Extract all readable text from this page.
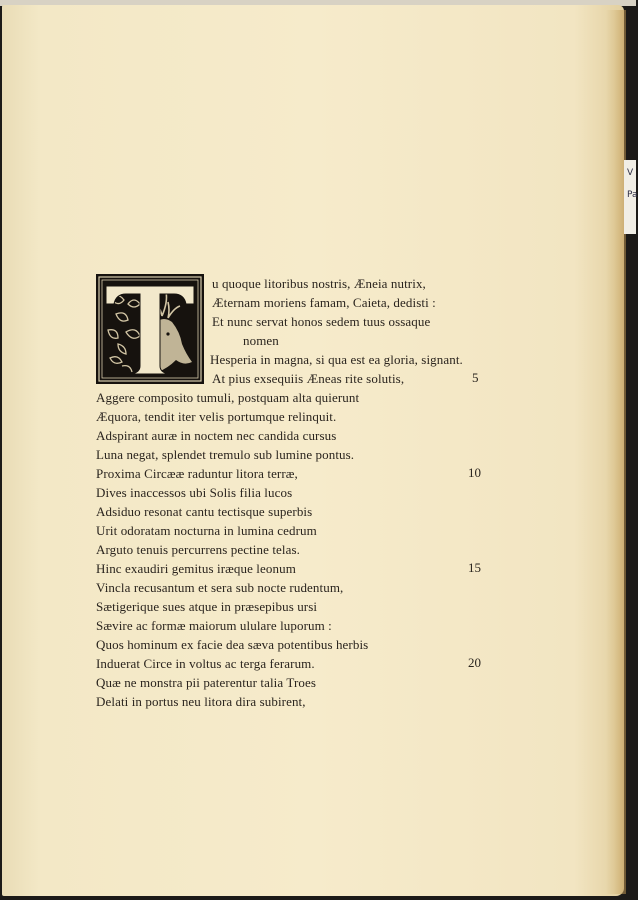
V
Pa
u quoque litoribus nostris, Æneia nutrix,
Æternam moriens famam, Caieta, dedisti :
Et nunc servat honos sedem tuus ossaque
nomen
Hesperia in magna, si qua est ea gloria, signant.
At pius exsequiis Æneas rite solutis,
Aggere composito tumuli, postquam alta quierunt
Æquora, tendit iter velis portumque relinquit.
Adspirant auræ in noctem nec candida cursus
Luna negat, splendet tremulo sub lumine pontus.
Proxima Circææ raduntur litora terræ,
Dives inaccessos ubi Solis filia lucos
Adsiduo resonat cantu tectisque superbis
Urit odoratam nocturna in lumina cedrum
Arguto tenuis percurrens pectine telas.
Hinc exaudiri gemitus iræque leonum
Vincla recusantum et sera sub nocte rudentum,
Sætigerique sues atque in præsepibus ursi
Sævire ac formæ maiorum ululare luporum :
Quos hominum ex facie dea sæva potentibus herbis
Induerat Circe in voltus ac terga ferarum.
Quæ ne monstra pii paterentur talia Troes
Delati in portus neu litora dira subirent,
5
10
15
20
